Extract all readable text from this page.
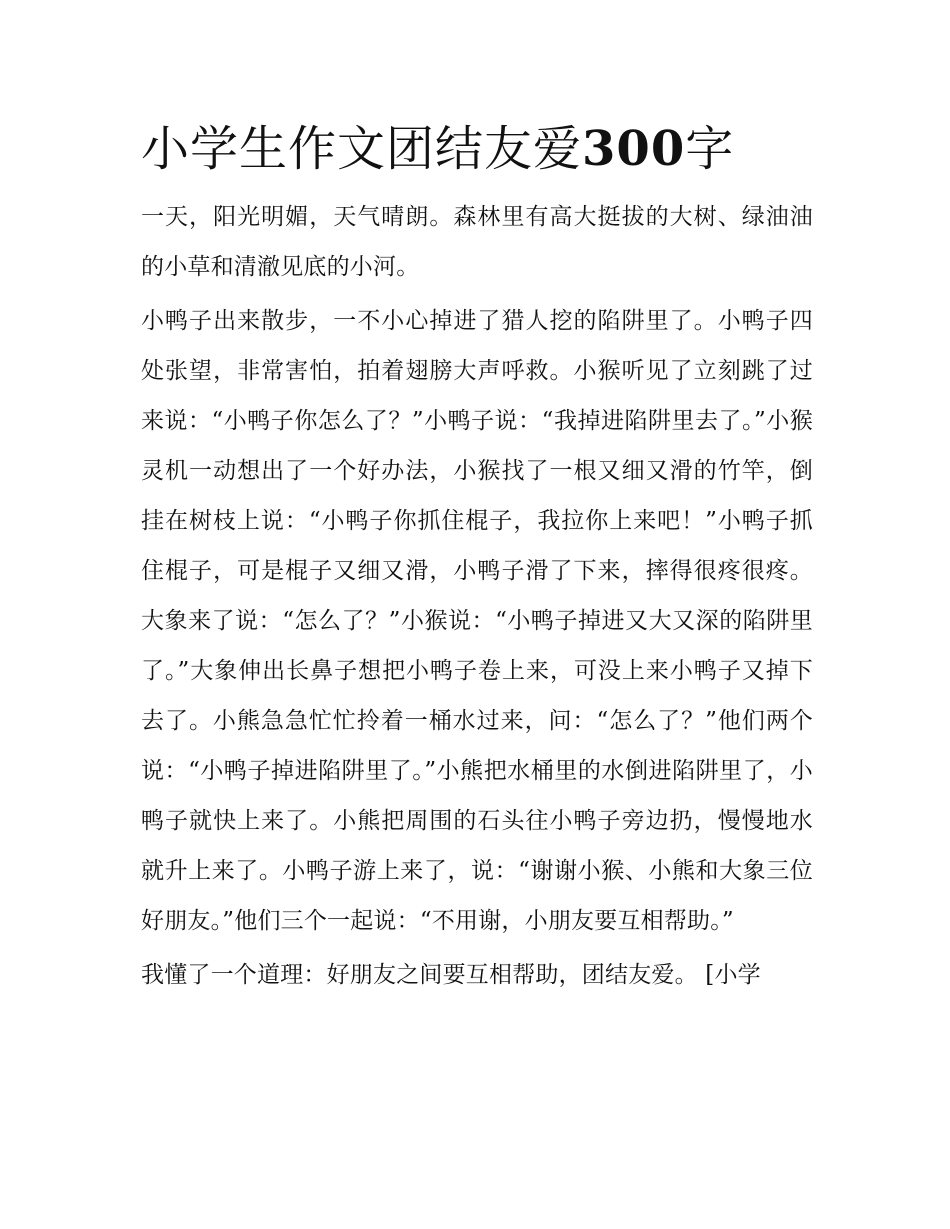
小学生作文团结友爱300字

一天，阳光明媚，天气晴朗。森林里有高大挺拔的大树、绿油油的小草和清澈见底的小河。

小鸭子出来散步，一不小心掉进了猎人挖的陷阱里了。小鸭子四处张望，非常害怕，拍着翅膀大声呼救。小猴听见了立刻跳了过来说：“小鸭子你怎么了？”小鸭子说：“我掉进陷阱里去了。”小猴灵机一动想出了一个好办法，小猴找了一根又细又滑的竹竿，倒挂在树枝上说：“小鸭子你抓住棍子，我拉你上来吧！”小鸭子抓住棍子，可是棍子又细又滑，小鸭子滑了下来，摔得很疼很疼。大象来了说：“怎么了？”小猴说：“小鸭子掉进又大又深的陷阱里了。”大象伸出长鼻子想把小鸭子卷上来，可没上来小鸭子又掉下去了。小熊急急忙忙拎着一桶水过来，问：“怎么了？”他们两个说：“小鸭子掉进陷阱里了。”小熊把水桶里的水倒进陷阱里了，小鸭子就快上来了。小熊把周围的石头往小鸭子旁边扔，慢慢地水就升上来了。小鸭子游上来了，说：“谢谢小猴、小熊和大象三位好朋友。”他们三个一起说：“不用谢，小朋友要互相帮助。”

我懂了一个道理：好朋友之间要互相帮助，团结友爱。 [小学
